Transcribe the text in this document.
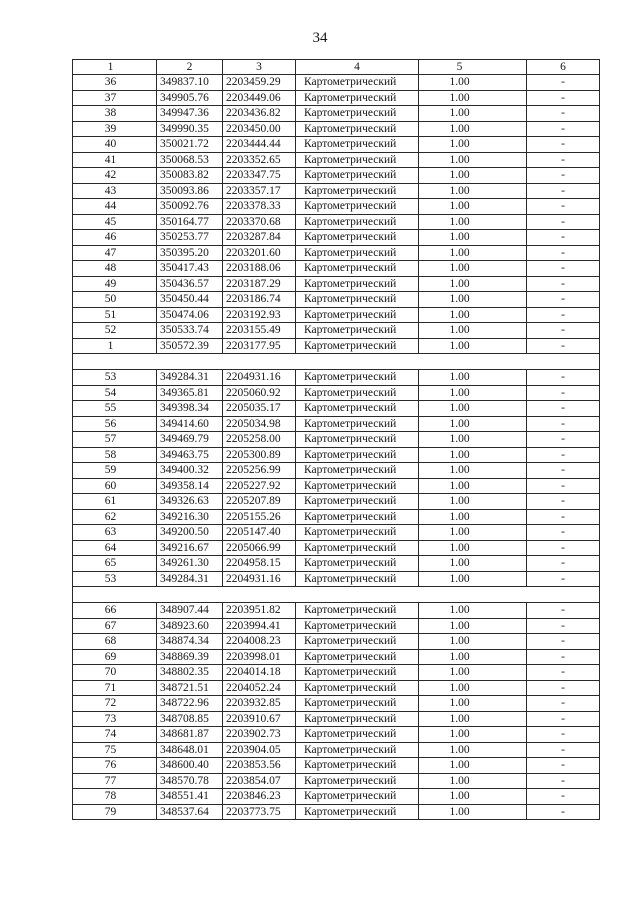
34
1	2	3	4	5	6
36	349837.10	2203459.29	Картометрический	1.00	-
37	349905.76	2203449.06	Картометрический	1.00	-
38	349947.36	2203436.82	Картометрический	1.00	-
39	349990.35	2203450.00	Картометрический	1.00	-
40	350021.72	2203444.44	Картометрический	1.00	-
41	350068.53	2203352.65	Картометрический	1.00	-
42	350083.82	2203347.75	Картометрический	1.00	-
43	350093.86	2203357.17	Картометрический	1.00	-
44	350092.76	2203378.33	Картометрический	1.00	-
45	350164.77	2203370.68	Картометрический	1.00	-
46	350253.77	2203287.84	Картометрический	1.00	-
47	350395.20	2203201.60	Картометрический	1.00	-
48	350417.43	2203188.06	Картометрический	1.00	-
49	350436.57	2203187.29	Картометрический	1.00	-
50	350450.44	2203186.74	Картометрический	1.00	-
51	350474.06	2203192.93	Картометрический	1.00	-
52	350533.74	2203155.49	Картометрический	1.00	-
1	350572.39	2203177.95	Картометрический	1.00	-

53	349284.31	2204931.16	Картометрический	1.00	-
54	349365.81	2205060.92	Картометрический	1.00	-
55	349398.34	2205035.17	Картометрический	1.00	-
56	349414.60	2205034.98	Картометрический	1.00	-
57	349469.79	2205258.00	Картометрический	1.00	-
58	349463.75	2205300.89	Картометрический	1.00	-
59	349400.32	2205256.99	Картометрический	1.00	-
60	349358.14	2205227.92	Картометрический	1.00	-
61	349326.63	2205207.89	Картометрический	1.00	-
62	349216.30	2205155.26	Картометрический	1.00	-
63	349200.50	2205147.40	Картометрический	1.00	-
64	349216.67	2205066.99	Картометрический	1.00	-
65	349261.30	2204958.15	Картометрический	1.00	-
53	349284.31	2204931.16	Картометрический	1.00	-

66	348907.44	2203951.82	Картометрический	1.00	-
67	348923.60	2203994.41	Картометрический	1.00	-
68	348874.34	2204008.23	Картометрический	1.00	-
69	348869.39	2203998.01	Картометрический	1.00	-
70	348802.35	2204014.18	Картометрический	1.00	-
71	348721.51	2204052.24	Картометрический	1.00	-
72	348722.96	2203932.85	Картометрический	1.00	-
73	348708.85	2203910.67	Картометрический	1.00	-
74	348681.87	2203902.73	Картометрический	1.00	-
75	348648.01	2203904.05	Картометрический	1.00	-
76	348600.40	2203853.56	Картометрический	1.00	-
77	348570.78	2203854.07	Картометрический	1.00	-
78	348551.41	2203846.23	Картометрический	1.00	-
79	348537.64	2203773.75	Картометрический	1.00	-
